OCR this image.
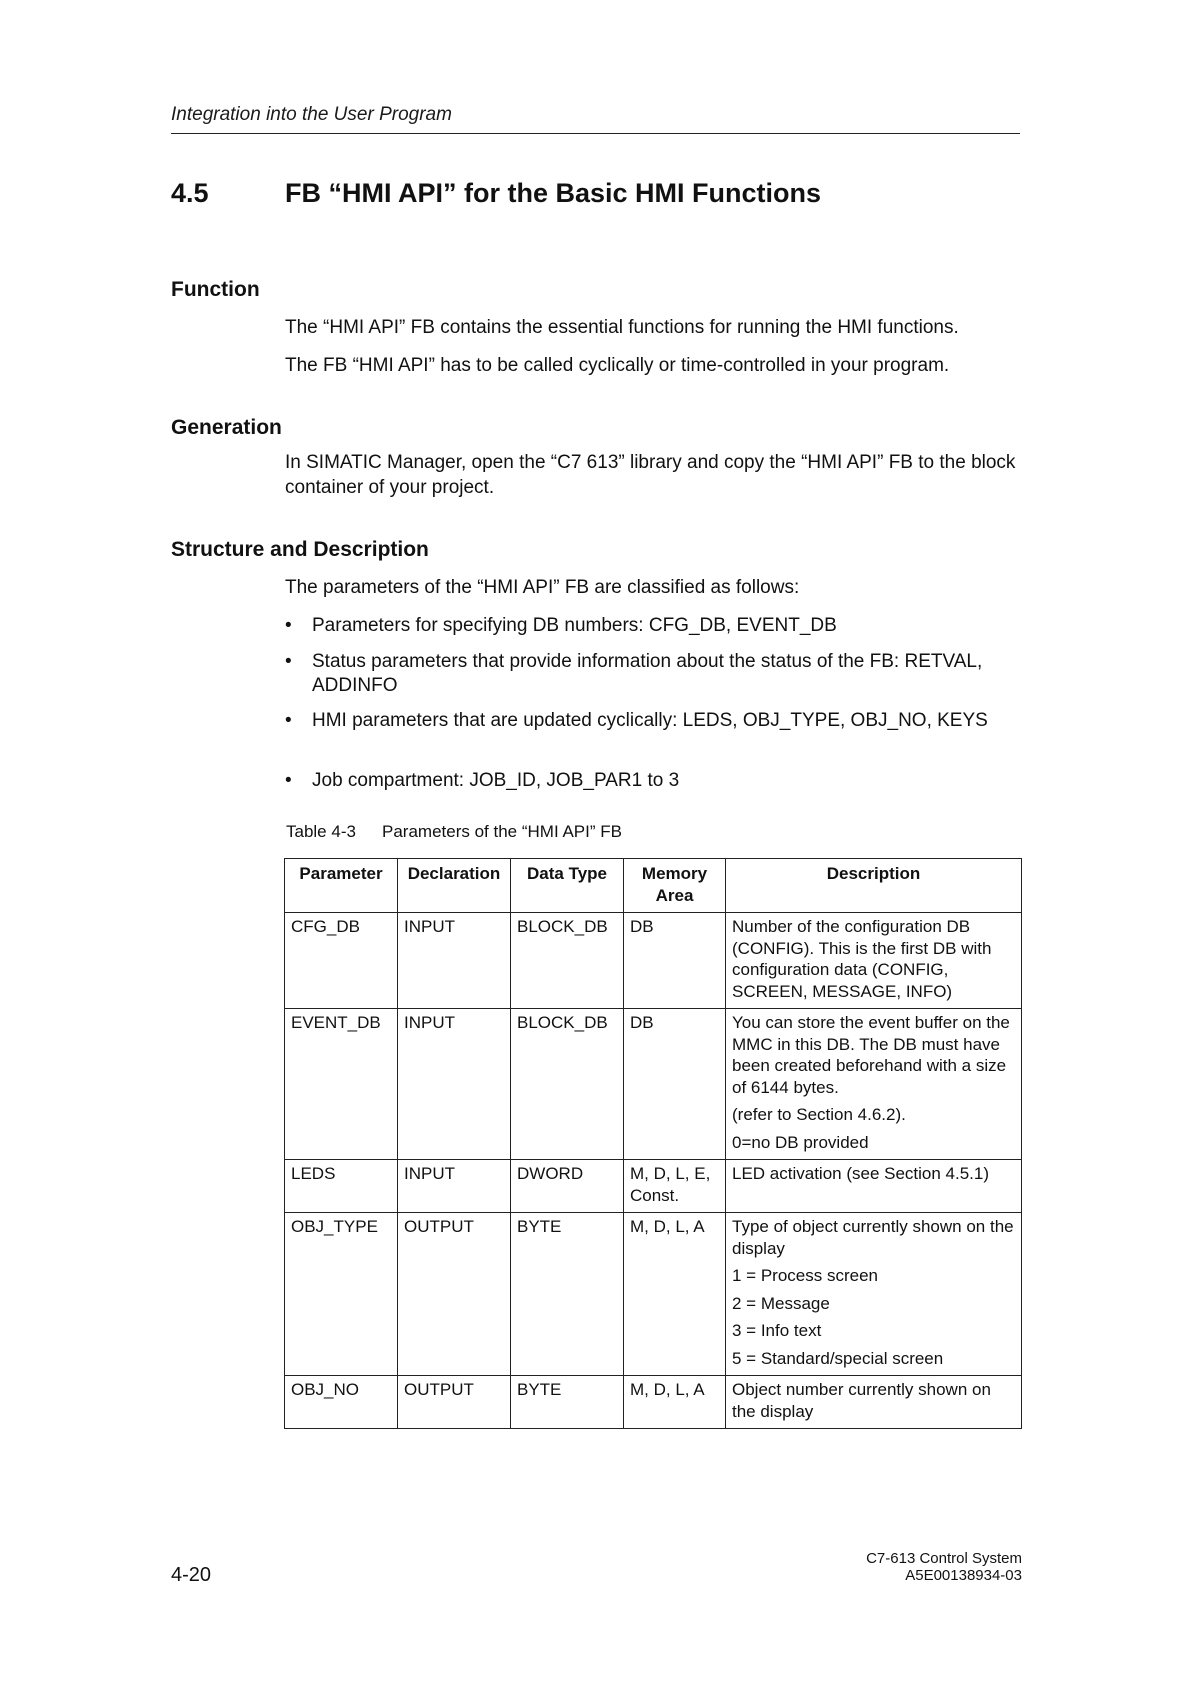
Integration into the User Program
4.5	FB “HMI API” for the Basic HMI Functions
Function

The “HMI API” FB contains the essential functions for running the HMI functions.

The FB “HMI API” has to be called cyclically or time-controlled in your program.

Generation

In SIMATIC Manager, open the “C7 613” library and copy the “HMI API” FB to the block container of your project.

Structure and Description

The parameters of the “HMI API” FB are classified as follows:

• Parameters for specifying DB numbers: CFG_DB, EVENT_DB
• Status parameters that provide information about the status of the FB: RETVAL, ADDINFO
• HMI parameters that are updated cyclically: LEDS, OBJ_TYPE, OBJ_NO, KEYS
• Job compartment: JOB_ID, JOB_PAR1 to 3
Table 4-3 Parameters of the “HMI API” FB
Parameter	Declaration	Data Type	Memory Area	Description
CFG_DB	INPUT	BLOCK_DB	DB	Number of the configuration DB (CONFIG). This is the first DB with configuration data (CONFIG, SCREEN, MESSAGE, INFO)

EVENT_DB	INPUT	BLOCK_DB	DB	You can store the event buffer on the MMC in this DB. The DB must have been created beforehand with a size of 6144 bytes.

(refer to Section 4.6.2).

0=no DB provided

LEDS	INPUT	DWORD	M, D, L, E, Const.	LED activation (see Section 4.5.1)

OBJ_TYPE	OUTPUT	BYTE	M, D, L, A	Type of object currently shown on the display

1 = Process screen

2 = Message

3 = Info text

5 = Standard/special screen

OBJ_NO	OUTPUT	BYTE	M, D, L, A	Object number currently shown on the display

4-20
C7-613 Control System
A5E00138934-03
